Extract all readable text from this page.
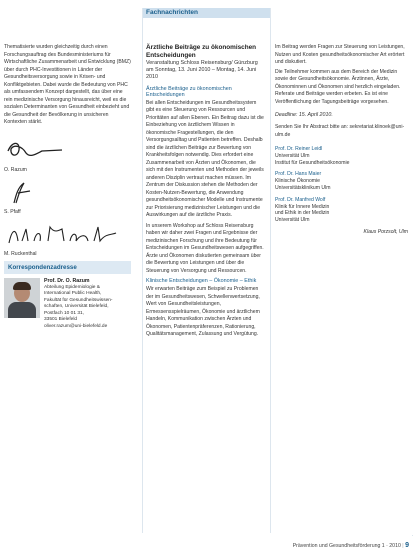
Thematisierte wurden gleichzeitig durch einen Forschungsauftrag des Bundesministeriums für Wirtschaftliche Zusammenarbeit und Entwicklung (BMZ) über durch PHC-Investitionen in Länder der Gesundheitsversorgung sowie in Krisen- und Konfliktgebieten. Dabei wurde die Bedeutung von PHC als umfassendem Konzept dargestellt, das über eine rein medizinische Versorgung hinausreicht, weil es die sozialen Determinanten von Gesundheit einbezieht und die Gesundheit der Bevölkerung in unsicheren Kontexten stärkt.

O. Razum
S. Pfaff
M. Ruckenthal
Korrespondenzadresse
Prof. Dr. O. Razum
Abteilung Epidemiologie &
International Public Health,
Fakultät für Gesundheitswissen-
schaften, Universität Bielefeld,
Postfach 10 01 31,
33501 Bielefeld
oliver.razum@uni-bielefeld.de
Fachnachrichten
Ärztliche Beiträge zu ökonomischen Entscheidungen

Veranstaltung Schloss Reisensburg/ Günzburg am Sonntag, 13. Juni 2010 – Montag, 14. Juni 2010

Ärztliche Beiträge zu ökonomischen Entscheidungen

Bei allen Entscheidungen im Gesundheitssystem gibt es eine Steuerung von Ressourcen und Prioritäten auf allen Ebenen. Ein Beitrag dazu ist die Einbeziehung von ärztlichem Wissen in ökonomische Fragestellungen, die den Versorgungsalltag und Patienten betreffen. Deshalb sind die ärztlichen Beiträge zur Bewertung von Krankheitsfolgen notwendig. Dies erfordert eine Zusammenarbeit von Ärzten und Ökonomen, die sich mit den Instrumenten und Methoden der jeweils anderen Disziplin vertraut machen müssen. Im Zentrum der Diskussion stehen die Methoden der Kosten-Nutzen-Bewertung, die Anwendung gesundheitsökonomischer Modelle und Instrumente zur Priorisierung medizinischer Leistungen und die Auswirkungen auf die ärztliche Praxis.

In unserem Workshop auf Schloss Reisensburg haben wir daher zwei Fragen und Ergebnisse der medizinischen Forschung und ihre Bedeutung für Entscheidungen im Gesundheitswesen aufgegriffen. Ärzte und Ökonomen diskutierten gemeinsam über die Bewertung von Leistungen und über die Steuerung von Versorgung und Ressourcen.

Klinische Entscheidungen – Ökonomie – Ethik

Wir erwarten Beiträge zum Beispiel zu Problemen der im Gesundheitswesen, Schwellenwertsetzung, Wert von Gesundheitsleistungen, Ermessensspielräumen, Ökonomie und ärztlichem Handeln, Kommunikation zwischen Ärzten und Ökonomen, Patientenpräferenzen, Rationierung, Qualitätsmanagement, Zulassung und Vergütung.

Im Beitrag werden Fragen zur Steuerung von Leistungen, Nutzen und Kosten gesundheitsökonomischer Art erörtert und diskutiert.

Die Teilnehmer kommen aus dem Bereich der Medizin sowie der Gesundheitsökonomie. Ärztinnen, Ärzte, Ökonominnen und Ökonomen sind herzlich eingeladen. Referate und Beiträge werden erbeten. Es ist eine Veröffentlichung der Tagungsbeiträge vorgesehen.

Deadline: 15. April 2010.

Senden Sie Ihr Abstract bitte an: sekretariat.klinoek@uni-ulm.de

Prof. Dr. Reiner Leidl
Universität Ulm
Institut für Gesundheitsökonomie
Prof. Dr. Hans Maier
Klinische Ökonomie
Universitätsklinikum Ulm
Prof. Dr. Manfred Wolf
Klinik für Innere Medizin
und Ethik in der Medizin
Universität Ulm
Klaus Porzsolt, Ulm
Prävention und Gesundheitsförderung 1 · 2010 | 9
